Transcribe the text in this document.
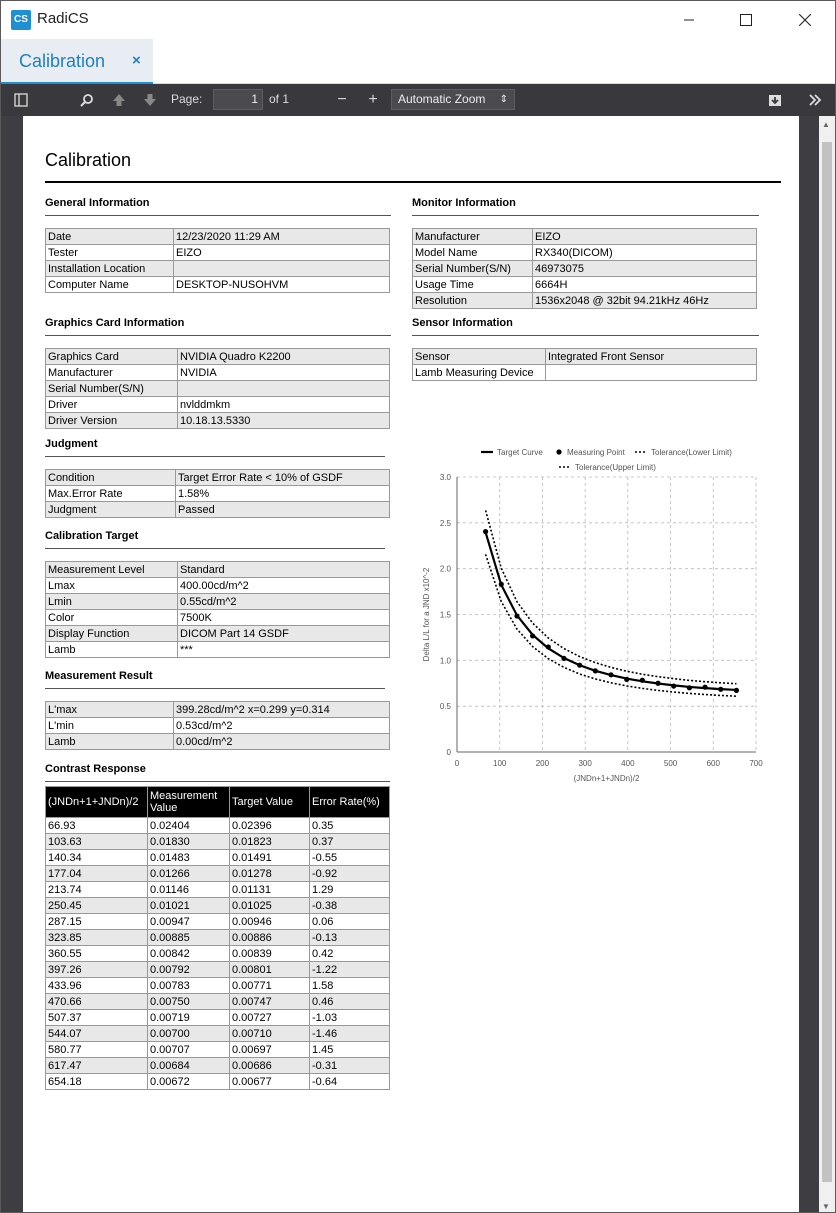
CS RadiCS
Calibration ×
Page:	1 of 1	− +	Automatic Zoom ⇕
Calibration
General Information
Date	12/23/2020 11:29 AM
Tester	EIZO
Installation Location	
Computer Name	DESKTOP-NUSOHVM
Monitor Information
Manufacturer	EIZO
Model Name	RX340(DICOM)
Serial Number(S/N)	46973075
Usage Time	6664H
Resolution	1536x2048 @ 32bit 94.21kHz 46Hz
Graphics Card Information
Graphics Card	NVIDIA Quadro K2200
Manufacturer	NVIDIA
Serial Number(S/N)	
Driver	nvlddmkm
Driver Version	10.18.13.5330
Sensor Information
Sensor	Integrated Front Sensor
Lamb Measuring Device	
Judgment
Condition	Target Error Rate < 10% of GSDF
Max.Error Rate	1.58%
Judgment	Passed
Calibration Target
Measurement Level	Standard
Lmax	400.00cd/m^2
Lmin	0.55cd/m^2
Color	7500K
Display Function	DICOM Part 14 GSDF
Lamb	***
Measurement Result
L'max	399.28cd/m^2 x=0.299 y=0.314
L'min	0.53cd/m^2
Lamb	0.00cd/m^2
Contrast Response
(JNDn+1+JNDn)/2	Measurement Value	Target Value	Error Rate(%)
66.93	0.02404	0.02396	0.35
103.63	0.01830	0.01823	0.37
140.34	0.01483	0.01491	-0.55
177.04	0.01266	0.01278	-0.92
213.74	0.01146	0.01131	1.29
250.45	0.01021	0.01025	-0.38
287.15	0.00947	0.00946	0.06
323.85	0.00885	0.00886	-0.13
360.55	0.00842	0.00839	0.42
397.26	0.00792	0.00801	-1.22
433.96	0.00783	0.00771	1.58
470.66	0.00750	0.00747	0.46
507.37	0.00719	0.00727	-1.03
544.07	0.00700	0.00710	-1.46
580.77	0.00707	0.00697	1.45
617.47	0.00684	0.00686	-0.31
654.18	0.00672	0.00677	-0.64
0	100	200	300	400	500	600	700
0
0.5
1.0
1.5
2.0
2.5
3.0
(JNDn+1+JNDn)/2
Delta L/L for a JND x10^-2
Target Curve	Measuring Point	Tolerance(Lower Limit)
Tolerance(Upper Limit)
▲
▼
